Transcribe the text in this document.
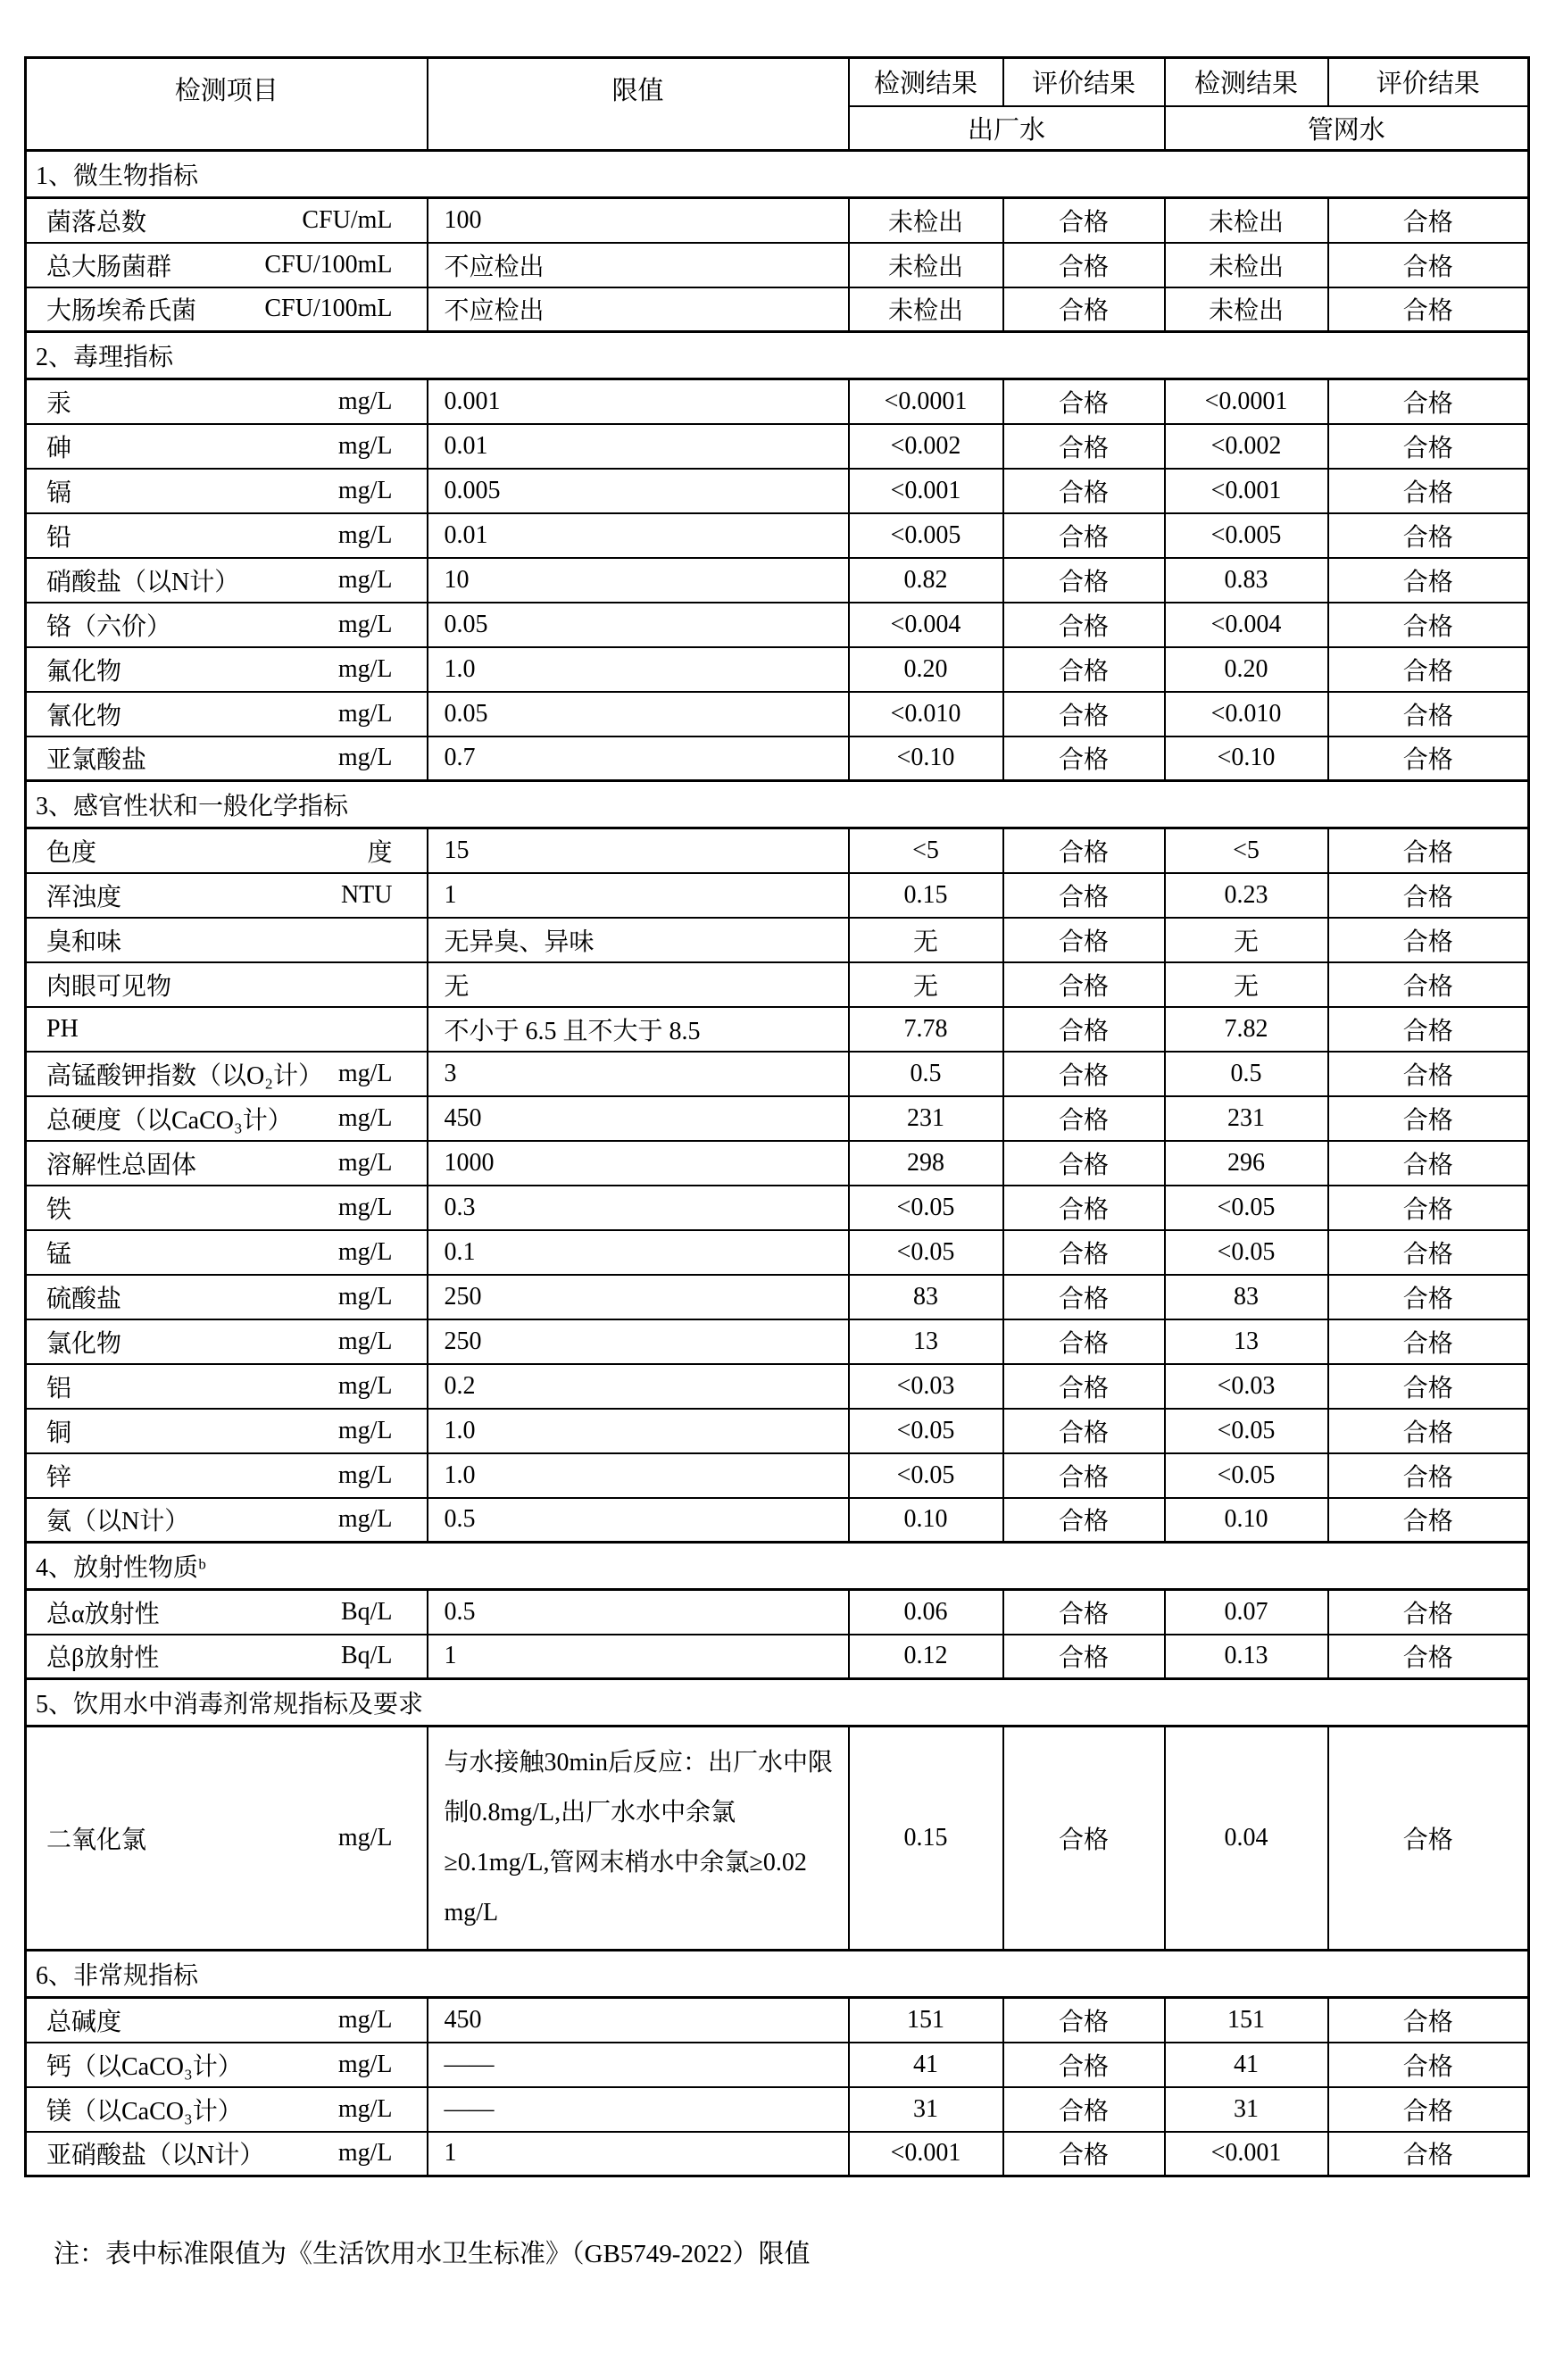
检测项目	限值	检测结果	评价结果	检测结果	评价结果
		出厂水		管网水	
1、微生物指标					

菌落总数 CFU/mL	100	未检出	合格	未检出	合格

总大肠菌群 CFU/100mL	不应检出	未检出	合格	未检出	合格

大肠埃希氏菌 CFU/100mL	不应检出	未检出	合格	未检出	合格
2、毒理指标					

汞 mg/L	0.001	<0.0001	合格	<0.0001	合格

砷 mg/L	0.01	<0.002	合格	<0.002	合格

镉 mg/L	0.005	<0.001	合格	<0.001	合格

铅 mg/L	0.01	<0.005	合格	<0.005	合格

硝酸盐（以N计） mg/L	10	0.82	合格	0.83	合格

铬（六价） mg/L	0.05	<0.004	合格	<0.004	合格

氟化物 mg/L	1.0	0.20	合格	0.20	合格

氰化物 mg/L	0.05	<0.010	合格	<0.010	合格

亚氯酸盐 mg/L	0.7	<0.10	合格	<0.10	合格
3、感官性状和一般化学指标					

色度 度	15	<5	合格	<5	合格

浑浊度 NTU	1	0.15	合格	0.23	合格

臭和味	无异臭、异味	无	合格	无	合格

肉眼可见物	无	无	合格	无	合格

PH	不小于 6.5 且不大于 8.5	7.78	合格	7.82	合格

高锰酸钾指数（以O₂计） mg/L	3	0.5	合格	0.5	合格

总硬度（以CaCO₃计） mg/L	450	231	合格	231	合格

溶解性总固体 mg/L	1000	298	合格	296	合格

铁 mg/L	0.3	<0.05	合格	<0.05	合格

锰 mg/L	0.1	<0.05	合格	<0.05	合格

硫酸盐 mg/L	250	83	合格	83	合格

氯化物 mg/L	250	13	合格	13	合格

铝 mg/L	0.2	<0.03	合格	<0.03	合格

铜 mg/L	1.0	<0.05	合格	<0.05	合格

锌 mg/L	1.0	<0.05	合格	<0.05	合格

氨（以N计） mg/L	0.5	0.10	合格	0.10	合格
4、放射性物质ᵇ					

总α放射性 Bq/L	0.5	0.06	合格	0.07	合格

总β放射性 Bq/L	1	0.12	合格	0.13	合格
5、饮用水中消毒剂常规指标及要求					

二氧化氯 mg/L	与水接触30min后反应：出厂水中限制0.8mg/L,出厂水水中余氯≥0.1mg/L,管网末梢水中余氯≥0.02 mg/L	0.15	合格	0.04	合格
6、非常规指标					

总碱度 mg/L	450	151	合格	151	合格

钙（以CaCO₃计） mg/L	——	41	合格	41	合格

镁（以CaCO₃计） mg/L	——	31	合格	31	合格

亚硝酸盐（以N计） mg/L	1	<0.001	合格	<0.001	合格
注：表中标准限值为《生活饮用水卫生标准》（GB5749-2022）限值
